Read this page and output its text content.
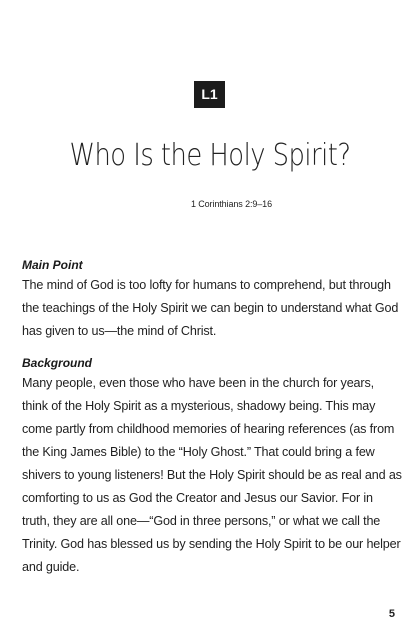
L1
Who Is the Holy Spirit?
1 Corinthians 2:9–16
Main Point

The mind of God is too lofty for humans to comprehend, but through the teachings of the Holy Spirit we can begin to understand what God has given to us—the mind of Christ.

Background

Many people, even those who have been in the church for years, think of the Holy Spirit as a mysterious, shadowy being. This may come partly from childhood memories of hearing references (as from the King James Bible) to the “Holy Ghost.” That could bring a few shivers to young listeners! But the Holy Spirit should be as real and as comforting to us as God the Creator and Jesus our Savior. For in truth, they are all one—“God in three persons,” or what we call the Trinity. God has blessed us by sending the Holy Spirit to be our helper and guide.

5
